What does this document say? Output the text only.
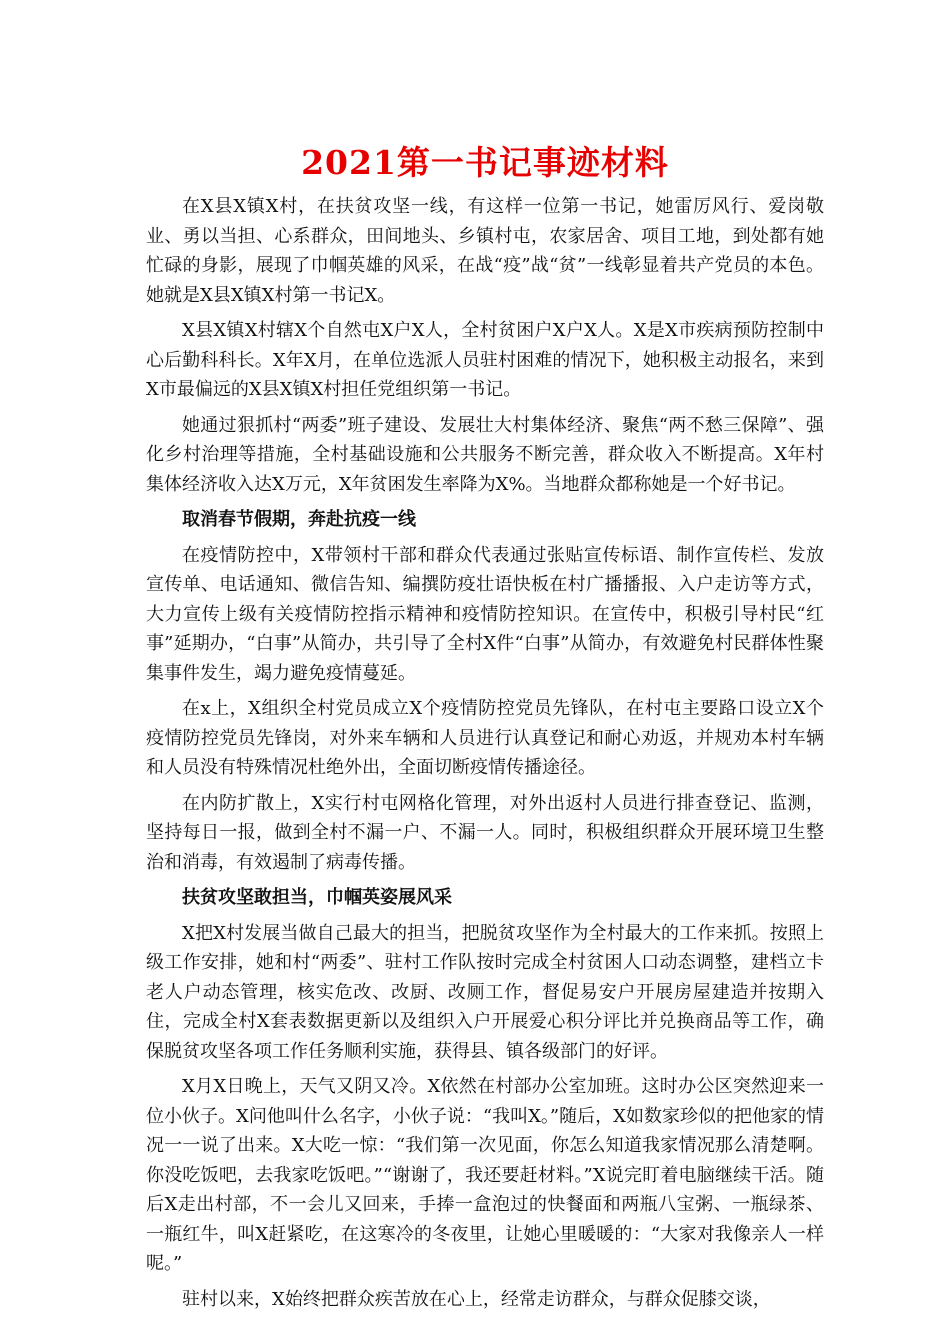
2021第一书记事迹材料

在X县X镇X村，在扶贫攻坚一线，有这样一位第一书记，她雷厉风行、爱岗敬业、勇以当担、心系群众，田间地头、乡镇村屯，农家居舍、项目工地，到处都有她忙碌的身影，展现了巾帼英雄的风采，在战“疫”战“贫”一线彰显着共产党员的本色。她就是X县X镇X村第一书记X。

X县X镇X村辖X个自然屯X户X人，全村贫困户X户X人。X是X市疾病预防控制中心后勤科科长。X年X月，在单位选派人员驻村困难的情况下，她积极主动报名，来到X市最偏远的X县X镇X村担任党组织第一书记。

她通过狠抓村“两委”班子建设、发展壮大村集体经济、聚焦“两不愁三保障”、强化乡村治理等措施，全村基础设施和公共服务不断完善，群众收入不断提高。X年村集体经济收入达X万元，X年贫困发生率降为X%。当地群众都称她是一个好书记。

取消春节假期，奔赴抗疫一线

在疫情防控中，X带领村干部和群众代表通过张贴宣传标语、制作宣传栏、发放宣传单、电话通知、微信告知、编撰防疫壮语快板在村广播播报、入户走访等方式，大力宣传上级有关疫情防控指示精神和疫情防控知识。在宣传中，积极引导村民“红事”延期办，“白事”从简办，共引导了全村X件“白事”从简办，有效避免村民群体性聚集事件发生，竭力避免疫情蔓延。

在x上，X组织全村党员成立X个疫情防控党员先锋队，在村屯主要路口设立X个疫情防控党员先锋岗，对外来车辆和人员进行认真登记和耐心劝返，并规劝本村车辆和人员没有特殊情况杜绝外出，全面切断疫情传播途径。

在内防扩散上，X实行村屯网格化管理，对外出返村人员进行排查登记、监测，坚持每日一报，做到全村不漏一户、不漏一人。同时，积极组织群众开展环境卫生整治和消毒，有效遏制了病毒传播。

扶贫攻坚敢担当，巾帼英姿展风采

X把X村发展当做自己最大的担当，把脱贫攻坚作为全村最大的工作来抓。按照上级工作安排，她和村“两委”、驻村工作队按时完成全村贫困人口动态调整，建档立卡老人户动态管理，核实危改、改厨、改厕工作，督促易安户开展房屋建造并按期入住，完成全村X套表数据更新以及组织入户开展爱心积分评比并兑换商品等工作，确保脱贫攻坚各项工作任务顺利实施，获得县、镇各级部门的好评。

X月X日晚上，天气又阴又冷。X依然在村部办公室加班。这时办公区突然迎来一位小伙子。X问他叫什么名字，小伙子说：“我叫X。”随后，X如数家珍似的把他家的情况一一说了出来。X大吃一惊：“我们第一次见面，你怎么知道我家情况那么清楚啊。你没吃饭吧，去我家吃饭吧。”“谢谢了，我还要赶材料。”X说完盯着电脑继续干活。随后X走出村部，不一会儿又回来，手捧一盒泡过的快餐面和两瓶八宝粥、一瓶绿茶、一瓶红牛，叫X赶紧吃，在这寒冷的冬夜里，让她心里暖暖的：“大家对我像亲人一样呢。”

驻村以来，X始终把群众疾苦放在心上，经常走访群众，与群众促膝交谈，
